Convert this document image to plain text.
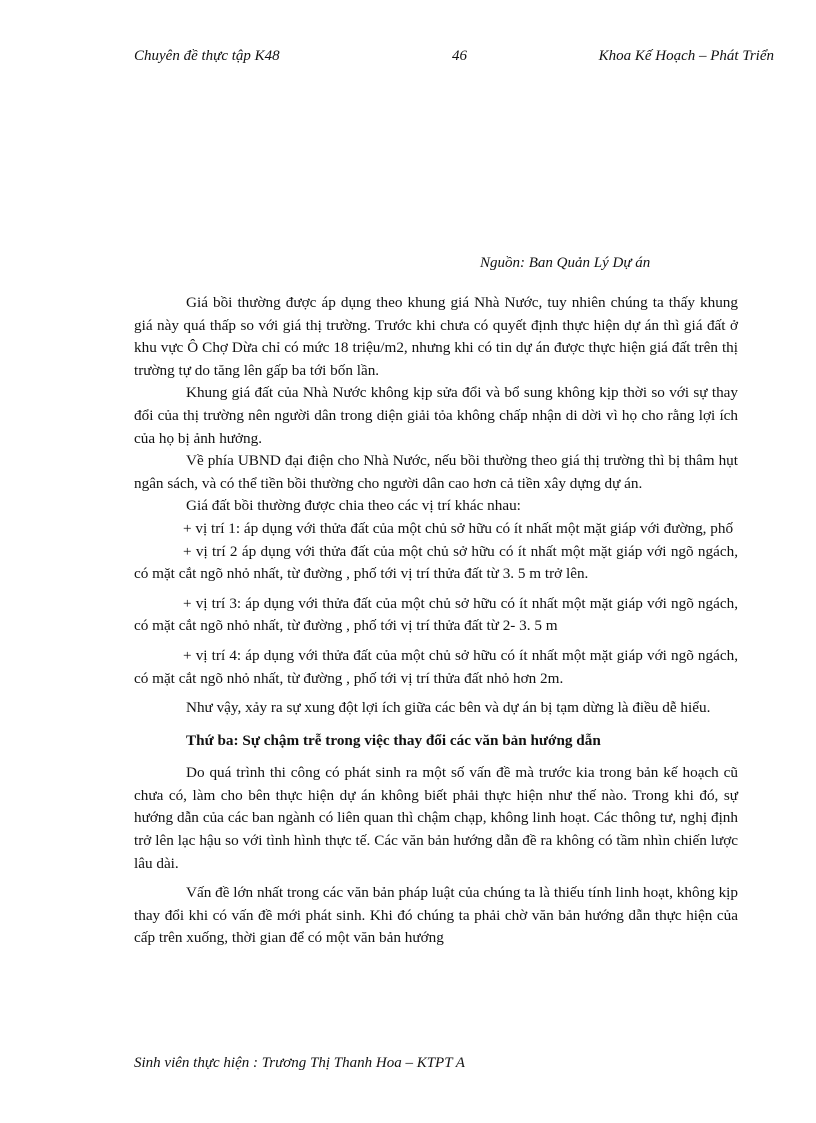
Chuyên đề thực tập K48	46	Khoa Kế Hoạch – Phát Triển
Nguồn: Ban Quản Lý Dự án

Giá bồi thường được áp dụng theo khung giá Nhà Nước, tuy nhiên chúng ta thấy khung giá này quá thấp so với giá thị trường. Trước khi chưa có quyết định thực hiện dự án thì giá đất ở khu vực Ô Chợ Dừa chỉ có mức 18 triệu/m2, nhưng khi có tin dự án được thực hiện giá đất trên thị trường tự do tăng lên gấp ba tới bốn lần.

Khung giá đất của Nhà Nước không kịp sửa đổi và bổ sung không kịp thời so với sự thay đổi của thị trường nên người dân trong diện giải tỏa không chấp nhận di dời vì họ cho rằng lợi ích của họ bị ảnh hưởng.

Về phía UBND đại điện cho Nhà Nước, nếu bồi thường theo giá thị trường thì bị thâm hụt ngân sách, và có thể tiền bồi thường cho người dân cao hơn cả tiền xây dựng dự án.

Giá đất bồi thường được chia theo các vị trí khác nhau:

+ vị trí 1: áp dụng với thửa đất của một chủ sở hữu có ít nhất một mặt giáp với đường, phố

+ vị trí 2 áp dụng với thửa đất của một chủ sở hữu có ít nhất một mặt giáp với ngõ ngách, có mặt cắt ngõ nhỏ nhất, từ đường , phố tới vị trí thửa đất từ 3. 5 m trở lên.

+ vị trí 3: áp dụng với thửa đất của một chủ sở hữu có ít nhất một mặt giáp với ngõ ngách, có mặt cắt ngõ nhỏ nhất, từ đường , phố tới vị trí thửa đất từ 2- 3. 5 m

+ vị trí 4: áp dụng với thửa đất của một chủ sở hữu có ít nhất một mặt giáp với ngõ ngách, có mặt cắt ngõ nhỏ nhất, từ đường , phố tới vị trí thửa đất nhỏ hơn 2m.

Như vậy, xảy ra sự xung đột lợi ích giữa các bên và dự án bị tạm dừng là điều dễ hiểu.

Thứ ba: Sự chậm trễ trong việc thay đổi các văn bản hướng dẫn

Do quá trình thi công có phát sinh ra một số vấn đề mà trước kia trong bản kế hoạch cũ chưa có, làm cho bên thực hiện dự án không biết phải thực hiện như thế nào. Trong khi đó, sự hướng dẫn của các ban ngành có liên quan thì chậm chạp, không linh hoạt. Các thông tư, nghị định trở lên lạc hậu so với tình hình thực tế. Các văn bản hướng dẫn đề ra không có tầm nhìn chiến lược lâu dài.

Vấn đề lớn nhất trong các văn bản pháp luật của chúng ta là thiếu tính linh hoạt, không kịp thay đổi khi có vấn đề mới phát sinh. Khi đó chúng ta phải chờ văn bản hướng dẫn thực hiện của cấp trên xuống, thời gian để có một văn bản hướng

Sinh viên thực hiện : Trương Thị Thanh Hoa – KTPT A
